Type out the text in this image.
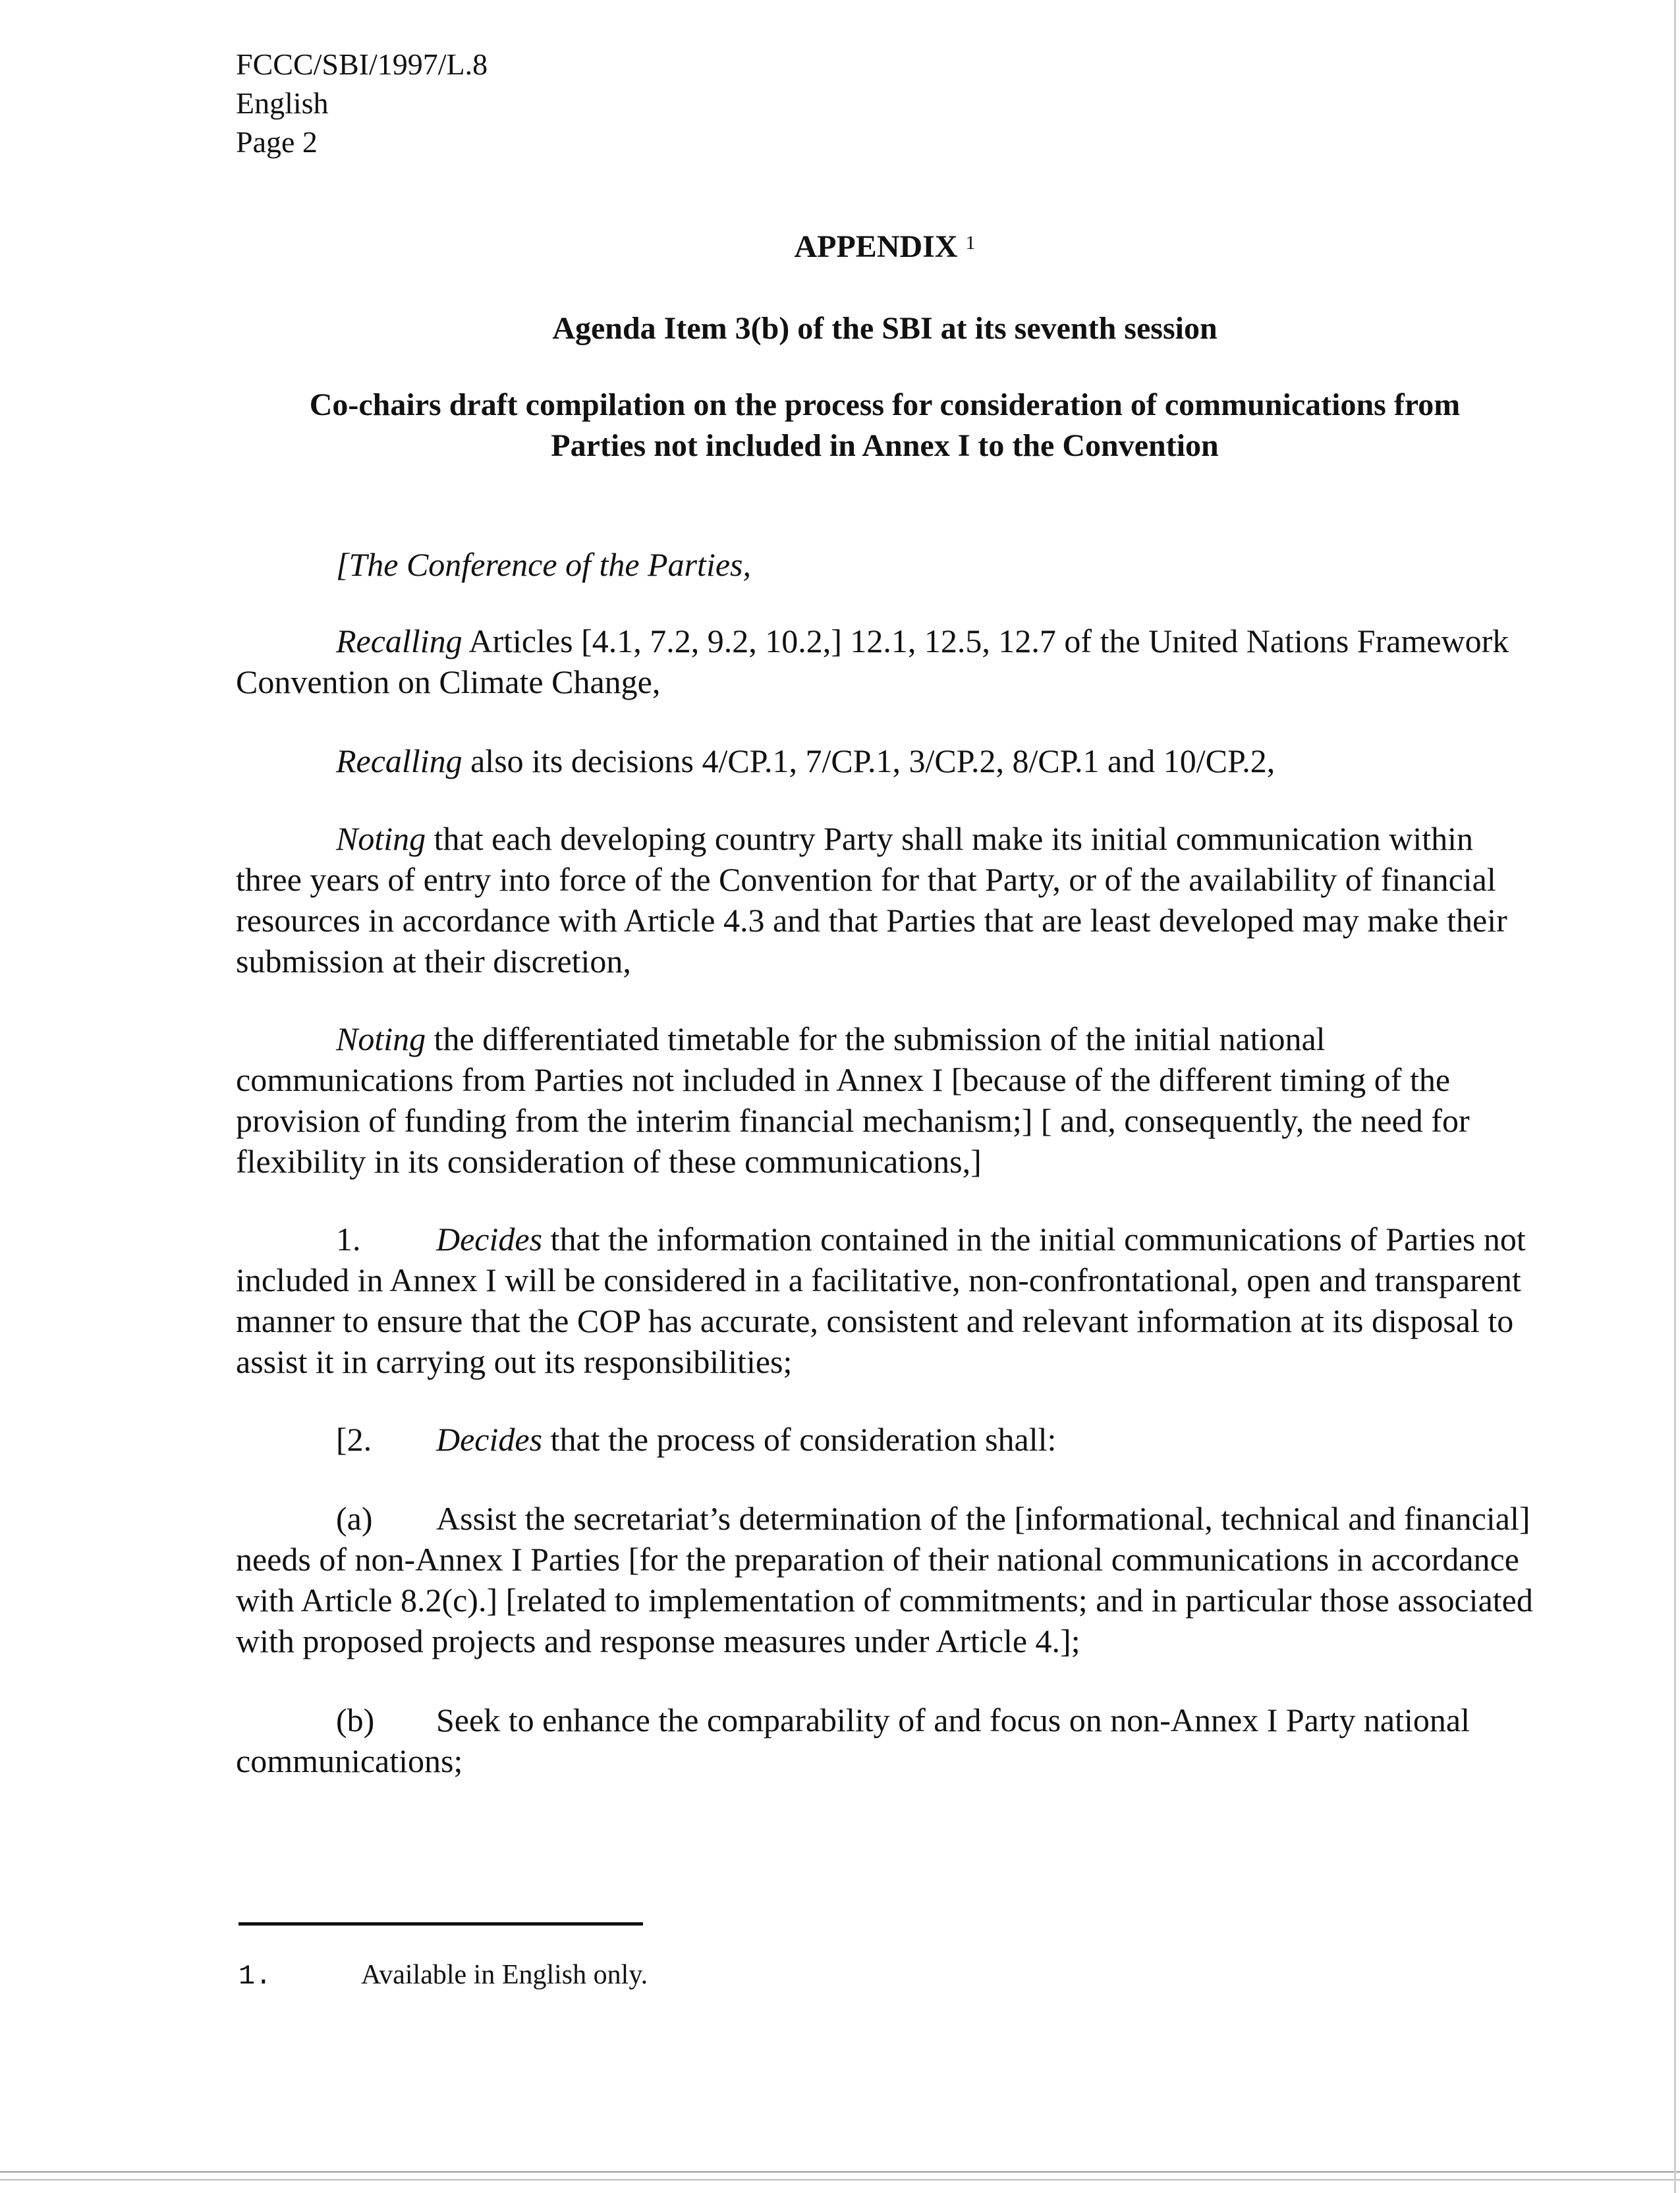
FCCC/SBI/1997/L.8
English
Page 2
APPENDIX $^1$
Agenda Item 3(b) of the SBI at its seventh session
Co-chairs draft compilation on the process for consideration of communications from
Parties not included in Annex I to the Convention
[The Conference of the Parties,
Recalling Articles [4.1, 7.2, 9.2, 10.2,] 12.1, 12.5, 12.7 of the United Nations Framework Convention on Climate Change,
Recalling also its decisions 4/CP.1, 7/CP.1, 3/CP.2, 8/CP.1 and 10/CP.2,
Noting that each developing country Party shall make its initial communication within three years of entry into force of the Convention for that Party, or of the availability of financial resources in accordance with Article 4.3 and that Parties that are least developed may make their submission at their discretion,
Noting the differentiated timetable for the submission of the initial national communications from Parties not included in Annex I [because of the different timing of the provision of funding from the interim financial mechanism;] [ and, consequently, the need for flexibility in its consideration of these communications,]
1. Decides that the information contained in the initial communications of Parties not included in Annex I will be considered in a facilitative, non-confrontational, open and transparent manner to ensure that the COP has accurate, consistent and relevant information at its disposal to assist it in carrying out its responsibilities;
[2. Decides that the process of consideration shall:
(a) Assist the secretariat’s determination of the [informational, technical and financial] needs of non-Annex I Parties [for the preparation of their national communications in accordance with Article 8.2(c).] [related to implementation of commitments; and in particular those associated with proposed projects and response measures under Article 4.];
(b) Seek to enhance the comparability of and focus on non-Annex I Party national communications;
1.	Available in English only.
